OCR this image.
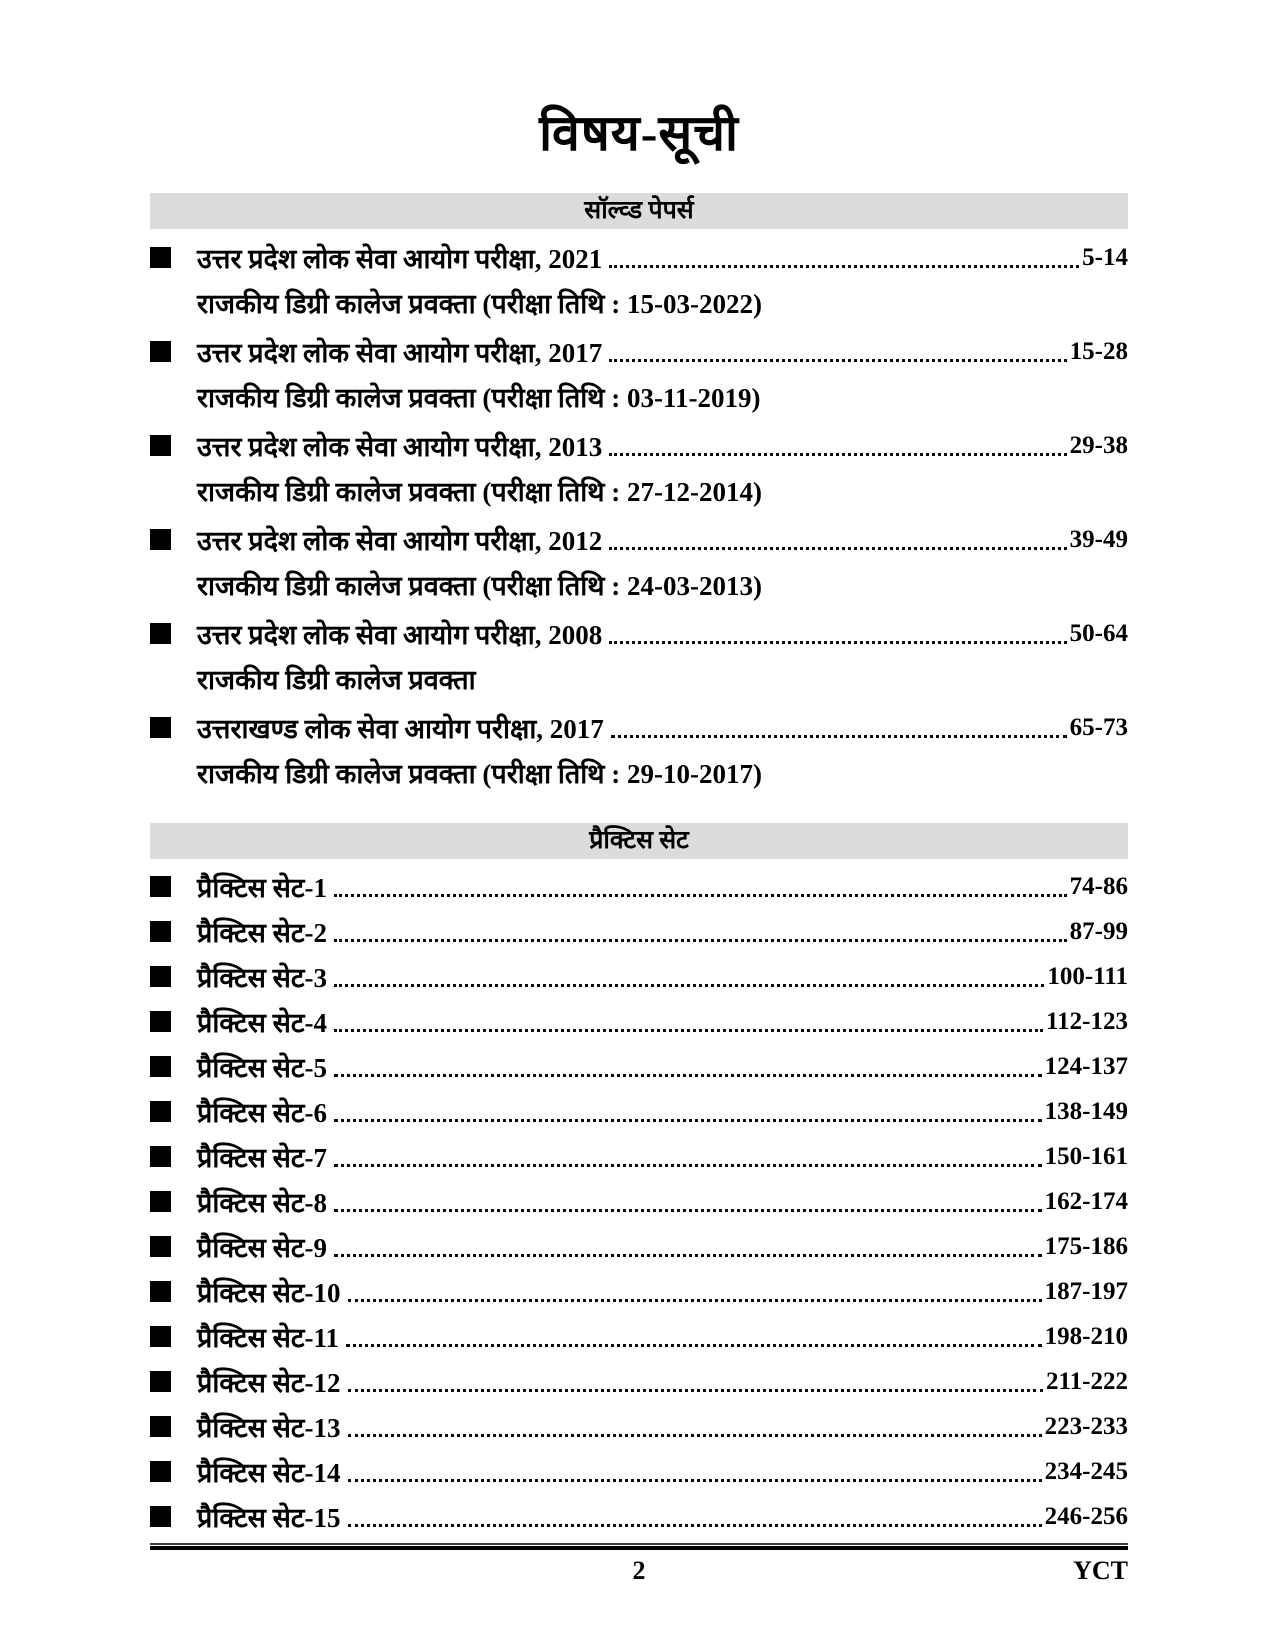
विषय-सूची
सॉल्व्ड पेपर्स
उत्तर प्रदेश लोक सेवा आयोग परीक्षा, 2021	5-14
राजकीय डिग्री कालेज प्रवक्ता (परीक्षा तिथि : 15-03-2022)
उत्तर प्रदेश लोक सेवा आयोग परीक्षा, 2017	15-28
राजकीय डिग्री कालेज प्रवक्ता (परीक्षा तिथि : 03-11-2019)
उत्तर प्रदेश लोक सेवा आयोग परीक्षा, 2013	29-38
राजकीय डिग्री कालेज प्रवक्ता (परीक्षा तिथि : 27-12-2014)
उत्तर प्रदेश लोक सेवा आयोग परीक्षा, 2012	39-49
राजकीय डिग्री कालेज प्रवक्ता (परीक्षा तिथि : 24-03-2013)
उत्तर प्रदेश लोक सेवा आयोग परीक्षा, 2008	50-64
राजकीय डिग्री कालेज प्रवक्ता
उत्तराखण्ड लोक सेवा आयोग परीक्षा, 2017	65-73
राजकीय डिग्री कालेज प्रवक्ता (परीक्षा तिथि : 29-10-2017)
प्रैक्टिस सेट
प्रैक्टिस सेट-1	74-86
प्रैक्टिस सेट-2	87-99
प्रैक्टिस सेट-3	100-111
प्रैक्टिस सेट-4	112-123
प्रैक्टिस सेट-5	124-137
प्रैक्टिस सेट-6	138-149
प्रैक्टिस सेट-7	150-161
प्रैक्टिस सेट-8	162-174
प्रैक्टिस सेट-9	175-186
प्रैक्टिस सेट-10	187-197
प्रैक्टिस सेट-11	198-210
प्रैक्टिस सेट-12	211-222
प्रैक्टिस सेट-13	223-233
प्रैक्टिस सेट-14	234-245
प्रैक्टिस सेट-15	246-256
2	YCT
